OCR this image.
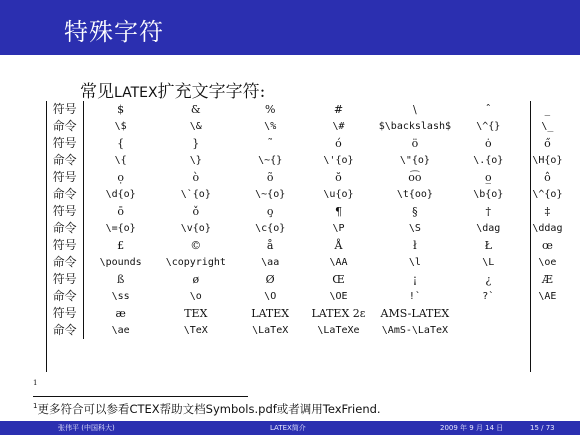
特殊字符
常见LATEX扩充文字字符:
符号	$	&	%	#	\	ˆ	_
命令	\$	\&	\%	\#	$\backslash$	\^{}	\_
符号	{	}	˜	ó	ö	ȯ	ő
命令	\{	\}	\~{}	\'{o}	\"{o}	\.{o}	\H{o}
符号	ọ	ò	õ	ŏ	o͡o	o̲	ô
命令	\d{o}	\`{o}	\~{o}	\u{o}	\t{oo}	\b{o}	\^{o}
符号	ō	ǒ	o̧	¶	§	†	‡
命令	\={o}	\v{o}	\c{o}	\P	\S	\dag	\ddag
符号	£	©	å	Å	ł	Ł	œ
命令	\pounds	\copyright	\aa	\AA	\l	\L	\oe
符号	ß	ø	Ø	Œ	¡	¿	Æ
命令	\ss	\o	\O	\OE	!`	?`	\AE
符号	æ	TEX	LATEX	LATEX 2ε	AMS-LATEX		
命令	\ae	\TeX	\LaTeX	\LaTeXe	\AmS-\LaTeX		
1
$^1$更多符合可以参看CTEX帮助文档Symbols.pdf或者调用TexFriend.
张伟平 (中国科大)	LATEX简介	2009 年 9 月 14 日	15 / 73
